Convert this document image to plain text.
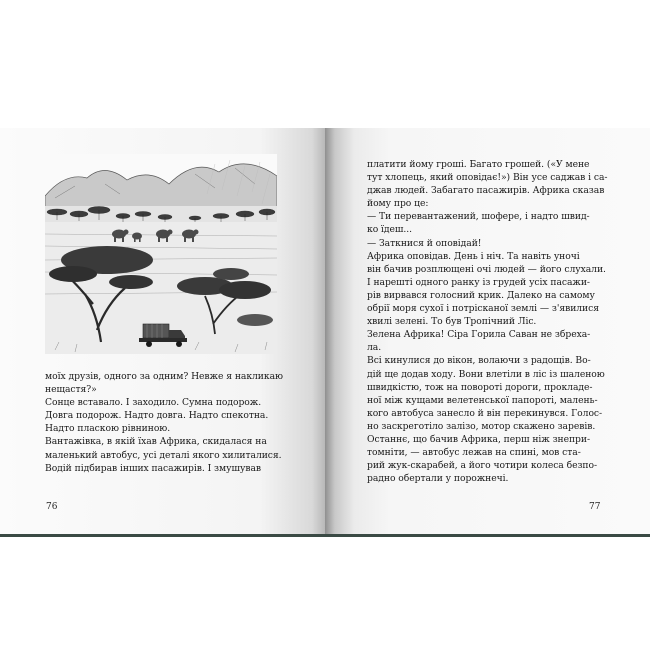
моїх друзів, одного за одним? Невже я накликаю
нещастя?»
Сонце вставало. І заходило. Сумна подорож.
Довга подорож. Надто довга. Надто спекотна.
Надто пласкою рівниною.
Вантажівка, в якій їхав Африка, скидалася на
маленький автобус, усі деталі якого хилиталися.
Водій підбирав інших пасажирів. І змушував
76
платити йому гроші. Багато грошей. («У мене
тут хлопець, який оповідає!») Він усе саджав і са-
джав людей. Забагато пасажирів. Африка сказав
йому про це:
— Ти перевантажений, шоферe, і надто швид-
ко їдеш...
— Заткнися й оповідай!
Африка оповідав. День і ніч. Та навіть уночі
він бачив розплющені очі людей — його слухали.
І нарешті одного ранку із грудей усіх пасажи-
рів вирвався голосний крик. Далеко на самому
обрії моря сухої і потрісканої землі — з'явилися
хвилі зелені. То був Тропічний Ліс.
Зелена Африка! Сіра Горила Саван не збреха-
ла.
Всі кинулися до вікон, волаючи з радощів. Во-
дій ще додав ходу. Вони влетіли в ліс із шаленою
швидкістю, тож на повороті дороги, прокладе-
ної між кущами велетенської папороті, малень-
кого автобуса занесло й він перекинувся. Голос-
но заскреготіло залізо, мотор скажено заревів.
Останнє, що бачив Африка, перш ніж знепри-
томніти, — автобус лежав на спині, мов ста-
рий жук-скарабей, а його чотири колеса безпо-
радно обертали у порожнечі.
77
